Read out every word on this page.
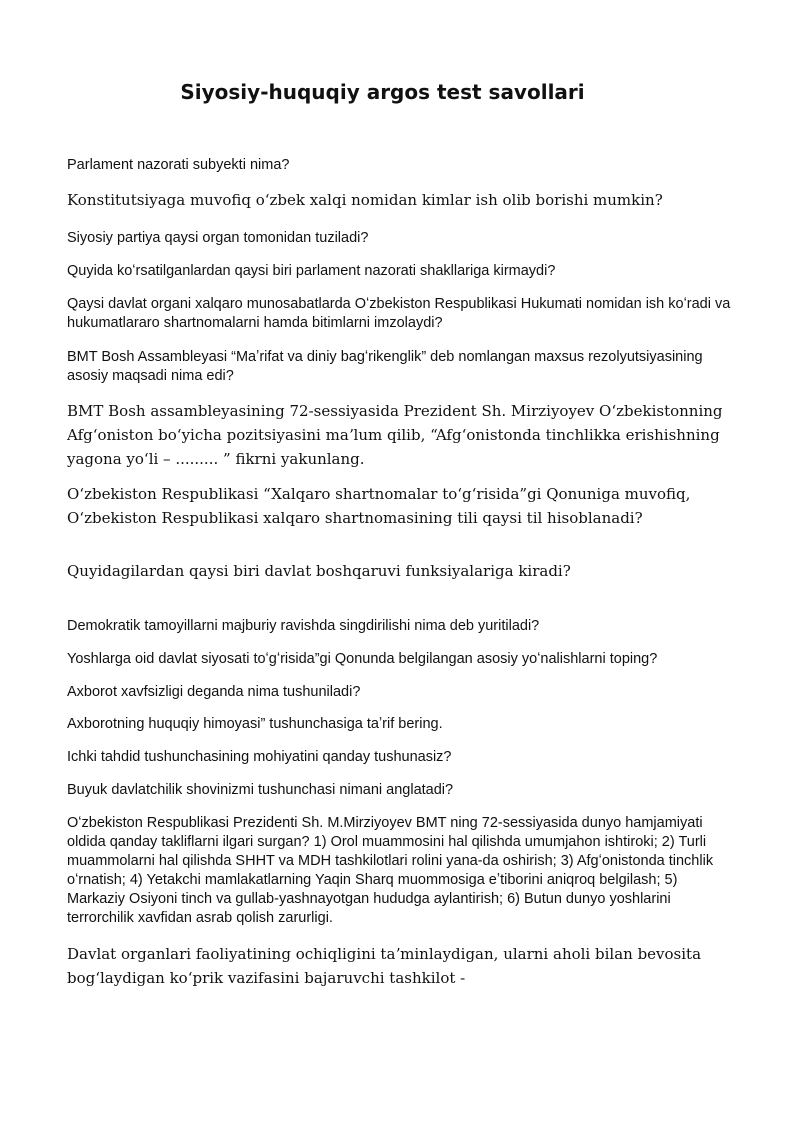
Siyosiy-huquqiy argos test savollari

Parlament nazorati subyekti nima?

Konstitutsiyaga muvofiq oʻzbek xalqi nomidan kimlar ish olib borishi mumkin?

Siyosiy partiya qaysi organ tomonidan tuziladi?

Quyida koʻrsatilganlardan qaysi biri parlament nazorati shakllariga kirmaydi?

Qaysi davlat organi xalqaro munosabatlarda Oʻzbekiston Respublikasi Hukumati nomidan ish koʻradi va hukumatlararo shartnomalarni hamda bitimlarni imzolaydi?

BMT Bosh Assambleyasi “Maʼrifat va diniy bagʻrikenglik” deb nomlangan maxsus rezolyutsiyasining asosiy maqsadi nima edi?

BMT Bosh assambleyasining 72-sessiyasida Prezident Sh. Mirziyoyev Oʻzbekistonning Afgʻoniston boʻyicha pozitsiyasini maʼlum qilib, “Afgʻonistonda tinchlikka erishishning yagona yoʻli – ......... ” fikrni yakunlang.

Oʻzbekiston Respublikasi “Xalqaro shartnomalar toʻgʻrisida”gi Qonuniga muvofiq, Oʻzbekiston Respublikasi xalqaro shartnomasining tili qaysi til hisoblanadi?

Quyidagilardan qaysi biri davlat boshqaruvi funksiyalariga kiradi?

Demokratik tamoyillarni majburiy ravishda singdirilishi nima deb yuritiladi?

Yoshlarga oid davlat siyosati toʻgʻrisida”gi Qonunda belgilangan asosiy yoʻnalishlarni toping?

Axborot xavfsizligi deganda nima tushuniladi?

Axborotning huquqiy himoyasi” tushunchasiga taʼrif bering.

Ichki tahdid tushunchasining mohiyatini qanday tushunasiz?

Buyuk davlatchilik shovinizmi tushunchasi nimani anglatadi?

Oʻzbekiston Respublikasi Prezidenti Sh. M.Mirziyoyev BMT ning 72-sessiyasida dunyo hamjamiyati oldida qanday takliflarni ilgari surgan? 1) Orol muammosini hal qilishda umumjahon ishtiroki; 2) Turli muammolarni hal qilishda SHHT va MDH tashkilotlari rolini yana-da oshirish; 3) Afgʻonistonda tinchlik oʻrnatish; 4) Yetakchi mamlakatlarning Yaqin Sharq muommosiga eʼtiborini aniqroq belgilash; 5) Markaziy Osiyoni tinch va gullab-yashnayotgan hududga aylantirish; 6) Butun dunyo yoshlarini terrorchilik xavfidan asrab qolish zarurligi.

Davlat organlari faoliyatining ochiqligini taʼminlaydigan, ularni aholi bilan bevosita bogʻlaydigan koʻprik vazifasini bajaruvchi tashkilot -
